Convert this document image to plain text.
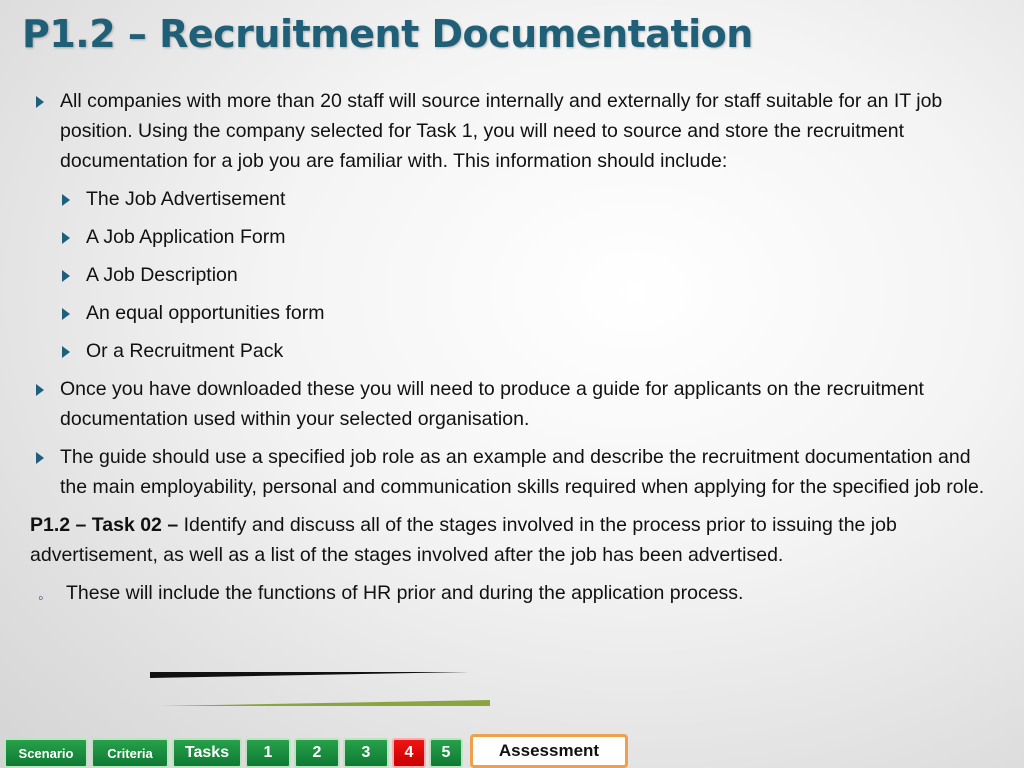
P1.2 – Recruitment Documentation
All companies with more than 20 staff will source internally and externally for staff suitable for an IT job position. Using the company selected for Task 1, you will need to source and store the recruitment documentation for a job you are familiar with. This information should include:
The Job Advertisement
A Job Application Form
A Job Description
An equal opportunities form
Or a Recruitment Pack
Once you have downloaded these you will need to produce a guide for applicants on the recruitment documentation used within your selected organisation.
The guide should use a specified job role as an example and describe the recruitment documentation and the main employability, personal and communication skills required when applying for the specified job role.
P1.2 – Task 02 – Identify and discuss all of the stages involved in the process prior to issuing the job advertisement, as well as a list of the stages involved after the job has been advertised.
◦ These will include the functions of HR prior and during the application process.
Scenario	Criteria	Tasks	1	2	3	4	5	Assessment
